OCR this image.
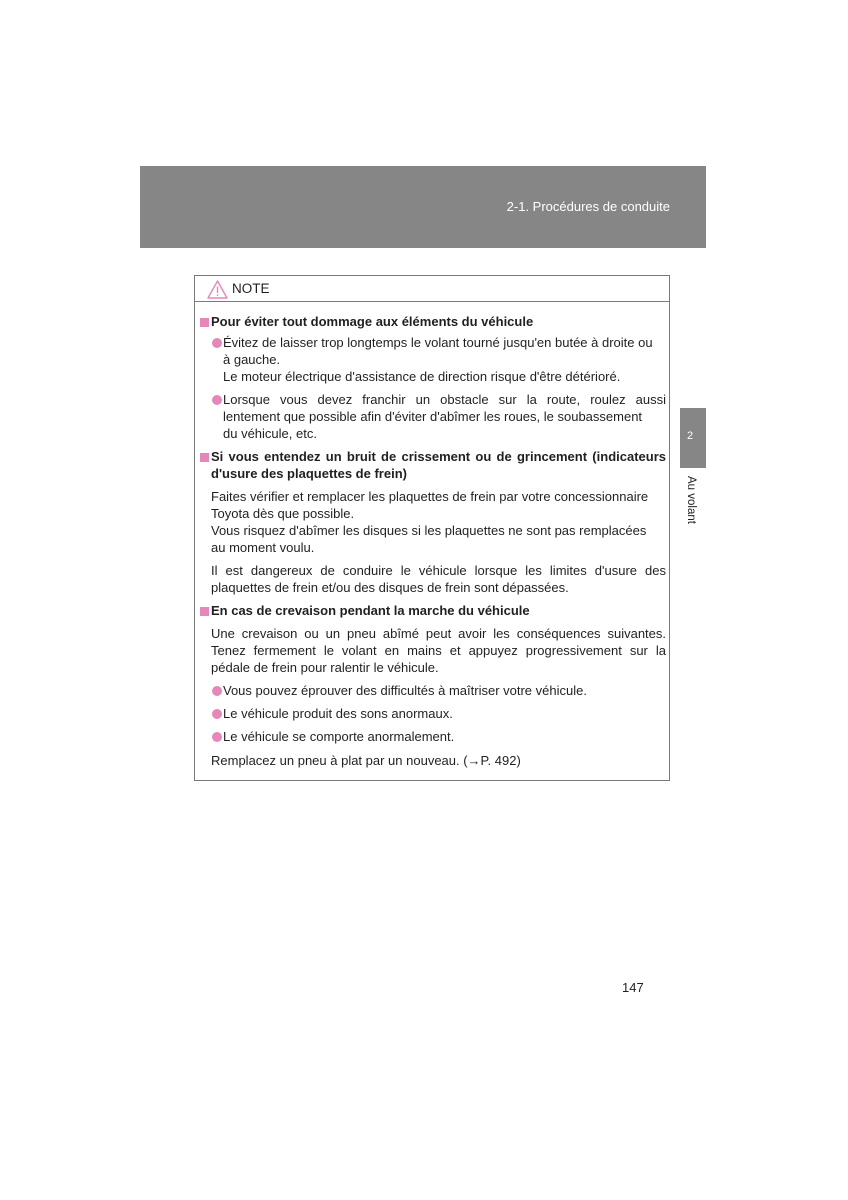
2-1. Procédures de conduite
2
Au volant
NOTE
Pour éviter tout dommage aux éléments du véhicule
Évitez de laisser trop longtemps le volant tourné jusqu'en butée à droite ou
à gauche.
Le moteur électrique d'assistance de direction risque d'être détérioré.
Lorsque vous devez franchir un obstacle sur la route, roulez aussi
lentement que possible afin d'éviter d'abîmer les roues, le soubassement
du véhicule, etc.
Si vous entendez un bruit de crissement ou de grincement (indicateurs
d'usure des plaquettes de frein)
Faites vérifier et remplacer les plaquettes de frein par votre concessionnaire
Toyota dès que possible.
Vous risquez d'abîmer les disques si les plaquettes ne sont pas remplacées
au moment voulu.
Il est dangereux de conduire le véhicule lorsque les limites d'usure des
plaquettes de frein et/ou des disques de frein sont dépassées.
En cas de crevaison pendant la marche du véhicule
Une crevaison ou un pneu abîmé peut avoir les conséquences suivantes.
Tenez fermement le volant en mains et appuyez progressivement sur la
pédale de frein pour ralentir le véhicule.
Vous pouvez éprouver des difficultés à maîtriser votre véhicule.
Le véhicule produit des sons anormaux.
Le véhicule se comporte anormalement.
Remplacez un pneu à plat par un nouveau. (→P. 492)
147
